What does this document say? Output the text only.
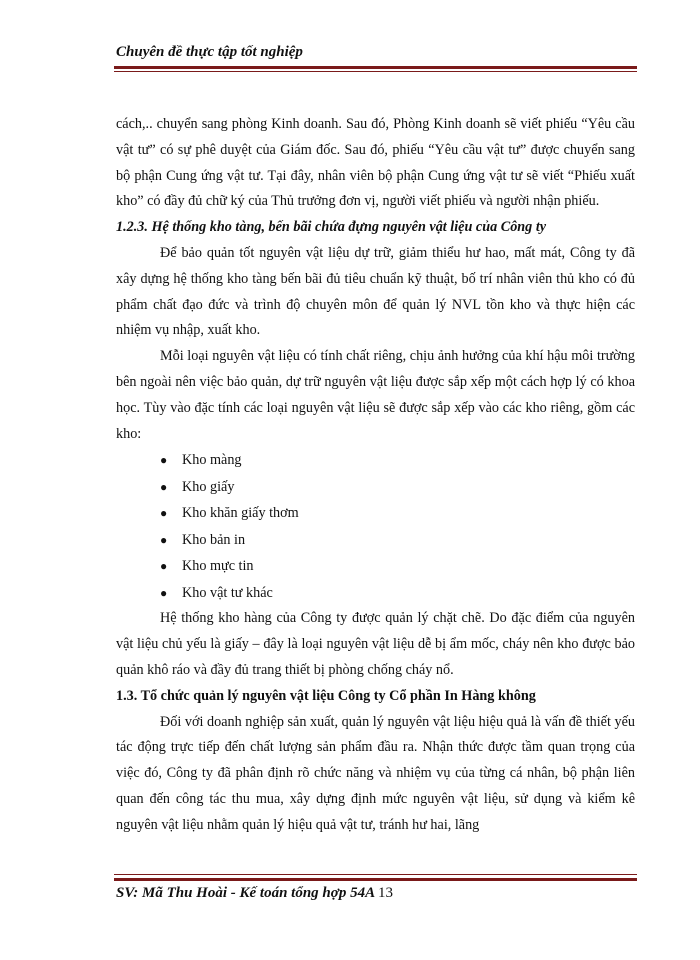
Chuyên đề thực tập tốt nghiệp

cách,.. chuyển sang phòng Kinh doanh. Sau đó, Phòng Kinh doanh sẽ viết phiếu “Yêu cầu vật tư” có sự phê duyệt của Giám đốc. Sau đó, phiếu “Yêu cầu vật tư” được chuyển sang bộ phận Cung ứng vật tư. Tại đây, nhân viên bộ phận Cung ứng vật tư sẽ viết “Phiếu xuất kho” có đầy đủ chữ ký của Thủ trưởng đơn vị, người viết phiếu và người nhận phiếu.

1.2.3. Hệ thống kho tàng, bến bãi chứa đựng nguyên vật liệu của Công ty

Để bảo quản tốt nguyên vật liệu dự trữ, giảm thiểu hư hao, mất mát, Công ty đã xây dựng hệ thống kho tàng bến bãi đủ tiêu chuẩn kỹ thuật, bố trí nhân viên thủ kho có đủ phẩm chất đạo đức và trình độ chuyên môn để quản lý NVL tồn kho và thực hiện các nhiệm vụ nhập, xuất kho.

Mỗi loại nguyên vật liệu có tính chất riêng, chịu ảnh hưởng của khí hậu môi trường bên ngoài nên việc bảo quản, dự trữ nguyên vật liệu được sắp xếp một cách hợp lý có khoa học. Tùy vào đặc tính các loại nguyên vật liệu sẽ được sắp xếp vào các kho riêng, gồm các kho:

● Kho màng
● Kho giấy
● Kho khăn giấy thơm
● Kho bản in
● Kho mực tin
● Kho vật tư khác

Hệ thống kho hàng của Công ty được quản lý chặt chẽ. Do đặc điểm của nguyên vật liệu chủ yếu là giấy – đây là loại nguyên vật liệu dễ bị ẩm mốc, cháy nên kho được bảo quản khô ráo và đầy đủ trang thiết bị phòng chống cháy nổ.

1.3. Tổ chức quản lý nguyên vật liệu Công ty Cổ phần In Hàng không

Đối với doanh nghiệp sản xuất, quản lý nguyên vật liệu hiệu quả là vấn đề thiết yếu tác động trực tiếp đến chất lượng sản phẩm đầu ra. Nhận thức được tầm quan trọng của việc đó, Công ty đã phân định rõ chức năng và nhiệm vụ của từng cá nhân, bộ phận liên quan đến công tác thu mua, xây dựng định mức nguyên vật liệu, sử dụng và kiểm kê nguyên vật liệu nhằm quản lý hiệu quả vật tư, tránh hư hai, lãng

SV: Mã Thu Hoài - Kế toán tổng hợp 54A 13
